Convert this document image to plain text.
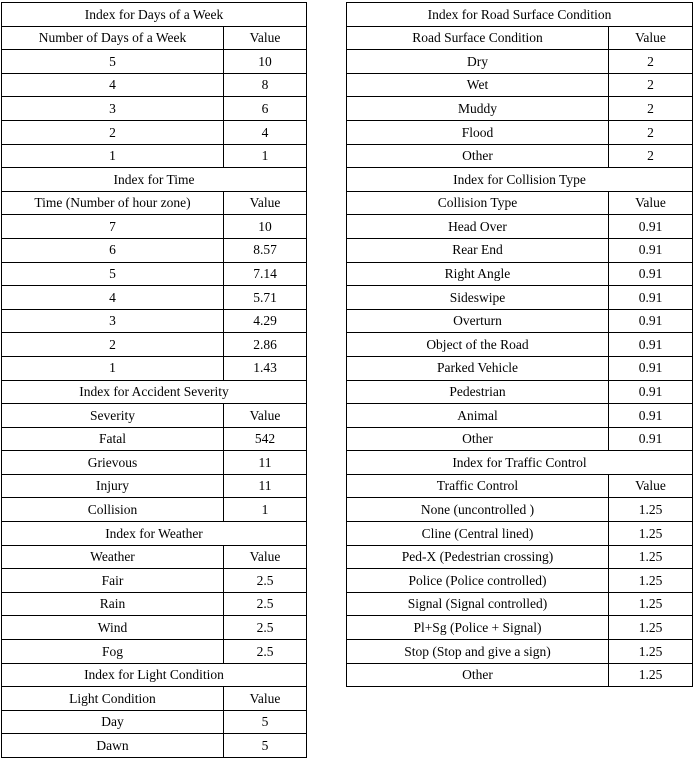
Index for Days of a Week	
Number of Days of a Week	Value
5	10
4	8
3	6
2	4
1	1
Index for Time	
Time (Number of hour zone)	Value
7	10
6	8.57
5	7.14
4	5.71
3	4.29
2	2.86
1	1.43
Index for Accident Severity	
Severity	Value
Fatal	542
Grievous	11
Injury	11
Collision	1
Index for Weather	
Weather	Value
Fair	2.5
Rain	2.5
Wind	2.5
Fog	2.5
Index for Light Condition	
Light Condition	Value
Day	5
Dawn	5
Index for Road Surface Condition	
Road Surface Condition	Value
Dry	2
Wet	2
Muddy	2
Flood	2
Other	2
Index for Collision Type	
Collision Type	Value
Head Over	0.91
Rear End	0.91
Right Angle	0.91
Sideswipe	0.91
Overturn	0.91
Object of the Road	0.91
Parked Vehicle	0.91
Pedestrian	0.91
Animal	0.91
Other	0.91
Index for Traffic Control	
Traffic Control	Value
None (uncontrolled )	1.25
Cline (Central lined)	1.25
Ped-X (Pedestrian crossing)	1.25
Police (Police controlled)	1.25
Signal (Signal controlled)	1.25
Pl+Sg (Police + Signal)	1.25
Stop (Stop and give a sign)	1.25
Other	1.25
